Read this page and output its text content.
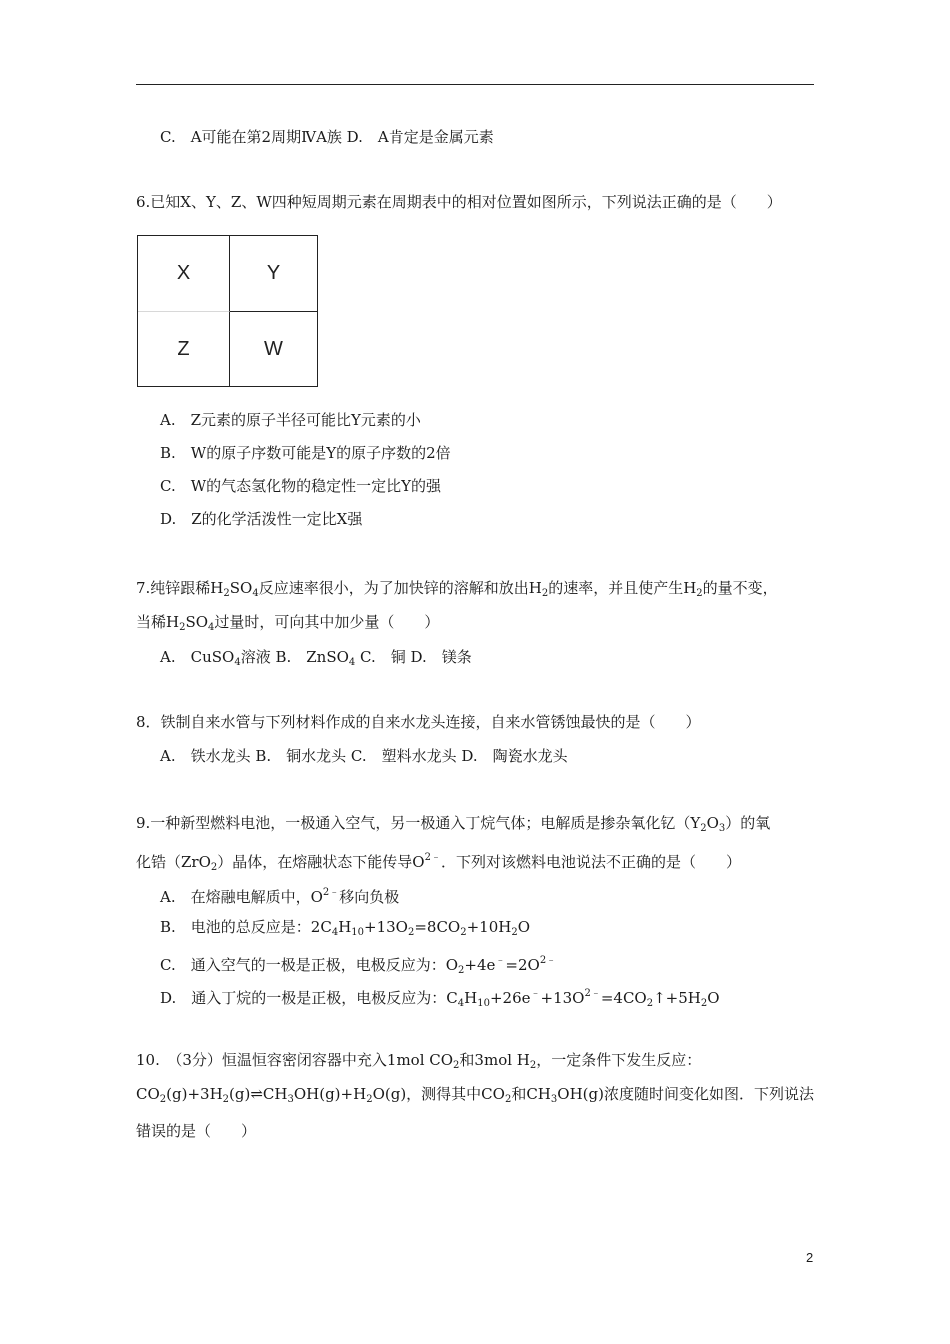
C.　A可能在第2周期ⅣA族 D.　A肯定是金属元素
6.已知X、Y、Z、W四种短周期元素在周期表中的相对位置如图所示，下列说法正确的是（　　）
X	Y
Z	W
A.　Z元素的原子半径可能比Y元素的小
B.　W的原子序数可能是Y的原子序数的2倍
C.　W的气态氢化物的稳定性一定比Y的强
D.　Z的化学活泼性一定比X强
7.纯锌跟稀$H_2SO_4$反应速率很小，为了加快锌的溶解和放出$H_2$的速率，并且使产生$H_2$的量不变，
当稀$H_2SO_4$过量时，可向其中加少量（　　）
A.　CuSO$_4$溶液 B.　ZnSO$_4$ C.　铜 D.　镁条
8．铁制自来水管与下列材料作成的自来水龙头连接，自来水管锈蚀最快的是（　　）
A.　铁水龙头 B.　铜水龙头 C.　塑料水龙头 D.　陶瓷水龙头
9.一种新型燃料电池，一极通入空气，另一极通入丁烷气体；电解质是掺杂氧化钇$(Y_2O_3)$的氧
化锆（ZrO$_2$）晶体，在熔融状态下能传导$O^{2﹣}$．下列对该燃料电池说法不正确的是（　　）
A.　在熔融电解质中，$O^{2﹣}$移向负极
B.　电池的总反应是：$2C_4H_{10}+13O_2=8CO_2+10H_2O$
C.　通入空气的一极是正极，电极反应为：$O_2+4e^﹣=2O^{2﹣}$
D.　通入丁烷的一极是正极，电极反应为：$C_4H_{10}+26e^﹣+13O^{2﹣}=4CO_2↑+5H_2O$
10.　（3分）恒温恒容密闭容器中充入1mol $CO_2$和3mol $H_2$，一定条件下发生反应：
$CO_2(g)+3H_2(g)\rightleftharpoons CH_3OH(g)+H_2O(g)$，测得其中$CO_2$和$CH_3OH(g)$浓度随时间变化如图．下列说法
错误的是（　　）
2
